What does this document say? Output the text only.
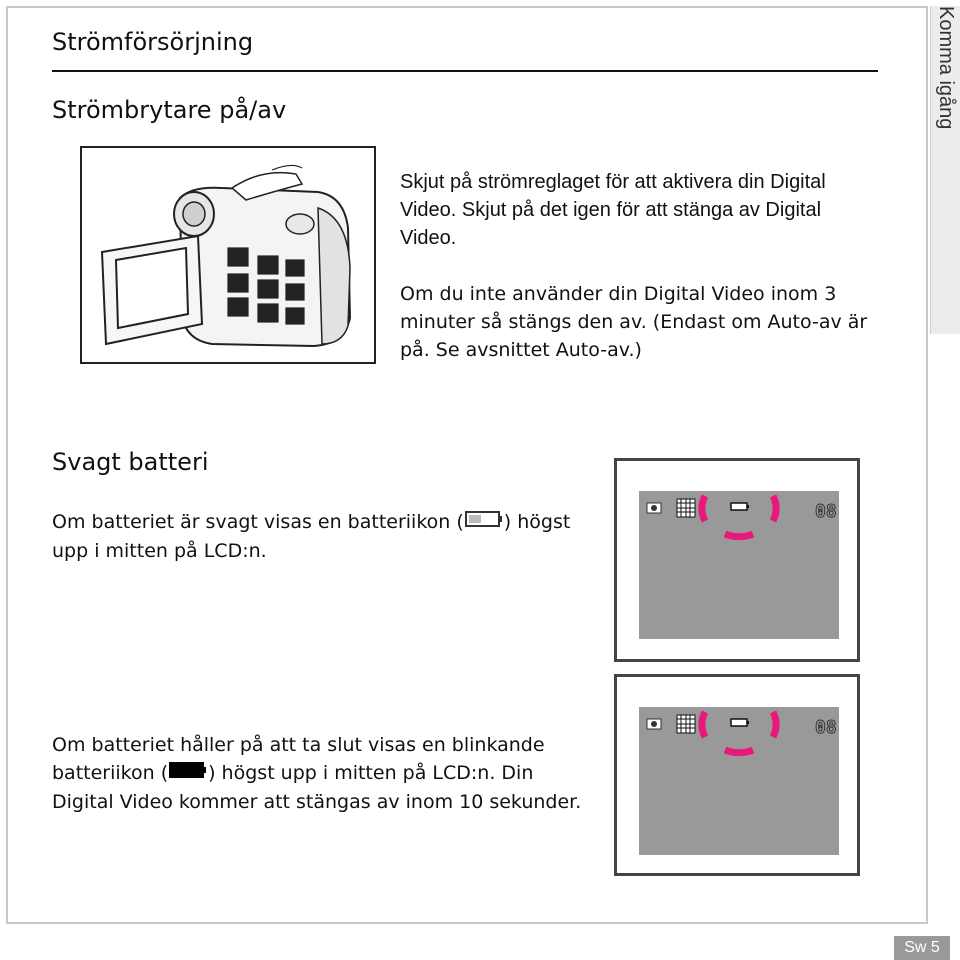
Komma igång
Strömförsörjning
Strömbrytare på/av

Skjut på strömreglaget för att aktivera din Digital Video. Skjut på det igen för att stänga av Digital Video.

Om du inte använder din Digital Video inom 3 minuter så stängs den av. (Endast om Auto-av är på. Se avsnittet Auto-av.)

Svagt batteri

Om batteriet är svagt visas en batteriikon ( ) högst upp i mitten på LCD:n.

Om batteriet håller på att ta slut visas en blinkande batteriikon ( ) högst upp i mitten på LCD:n. Din Digital Video kommer att stängas av inom 10 sekunder.

08
08
Sw 5
